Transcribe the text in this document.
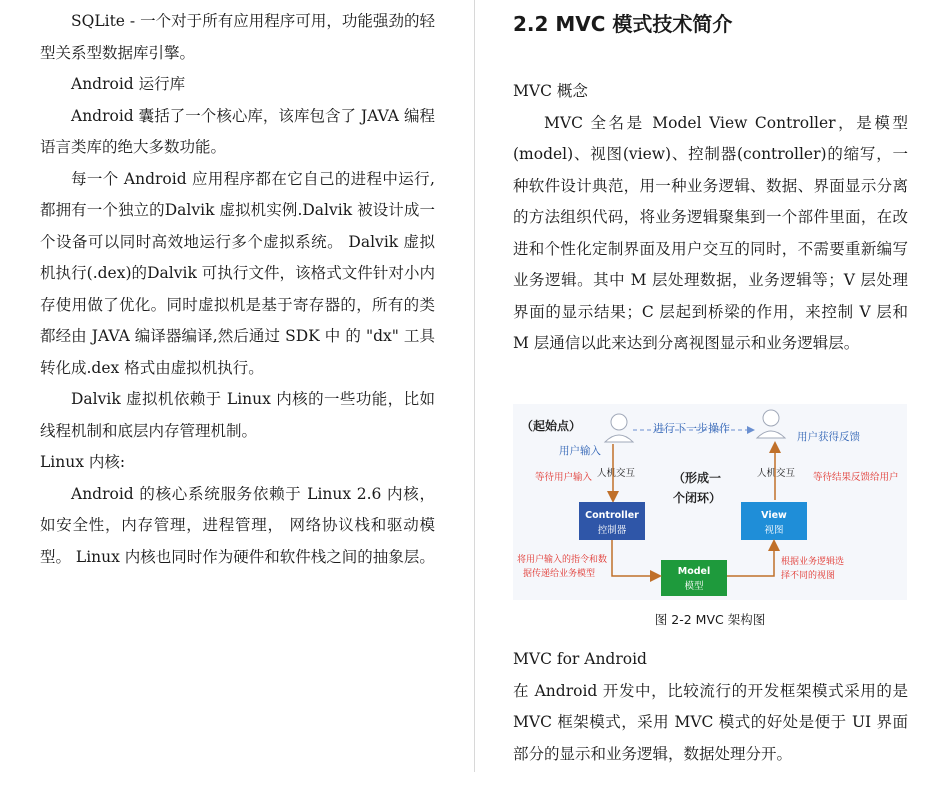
SQLite - 一个对于所有应用程序可用，功能强劲的轻型关系型数据库引擎。

Android 运行库

Android 囊括了一个核心库，该库包含了 JAVA 编程语言类库的绝大多数功能。

每一个 Android 应用程序都在它自己的进程中运行,都拥有一个独立的Dalvik 虚拟机实例.Dalvik 被设计成一个设备可以同时高效地运行多个虚拟系统。 Dalvik 虚拟机执行(.dex)的Dalvik 可执行文件，该格式文件针对小内存使用做了优化。同时虚拟机是基于寄存器的，所有的类都经由 JAVA 编译器编译,然后通过 SDK 中 的 "dx" 工具转化成.dex 格式由虚拟机执行。

Dalvik 虚拟机依赖于 Linux 内核的一些功能，比如线程机制和底层内存管理机制。

Linux 内核:

Android 的核心系统服务依赖于 Linux 2.6 内核，如安全性，内存管理，进程管理， 网络协议栈和驱动模型。 Linux 内核也同时作为硬件和软件栈之间的抽象层。

2.2 MVC 模式技术简介

MVC 概念

MVC 全名是 Model View Controller，是模型(model)、视图(view)、控制器(controller)的缩写，一种软件设计典范，用一种业务逻辑、数据、界面显示分离的方法组织代码，将业务逻辑聚集到一个部件里面，在改进和个性化定制界面及用户交互的同时，不需要重新编写业务逻辑。其中 M 层处理数据，业务逻辑等；V 层处理界面的显示结果；C 层起到桥梁的作用，来控制 V 层和 M 层通信以此来达到分离视图显示和业务逻辑层。

进行下一步操作
（起始点）
用户输入
用户获得反馈
等待用户输入 人机交互	人机交互 等待结果反馈给用户
（形成一
个闭环）
Controller
控制器
View
视图
Model
模型
将用户输入的指令和数
据传递给业务模型
根据业务逻辑选
择不同的视图
图 2-2 MVC 架构图

MVC for Android

在 Android 开发中，比较流行的开发框架模式采用的是 MVC 框架模式，采用 MVC 模式的好处是便于 UI 界面部分的显示和业务逻辑，数据处理分开。
